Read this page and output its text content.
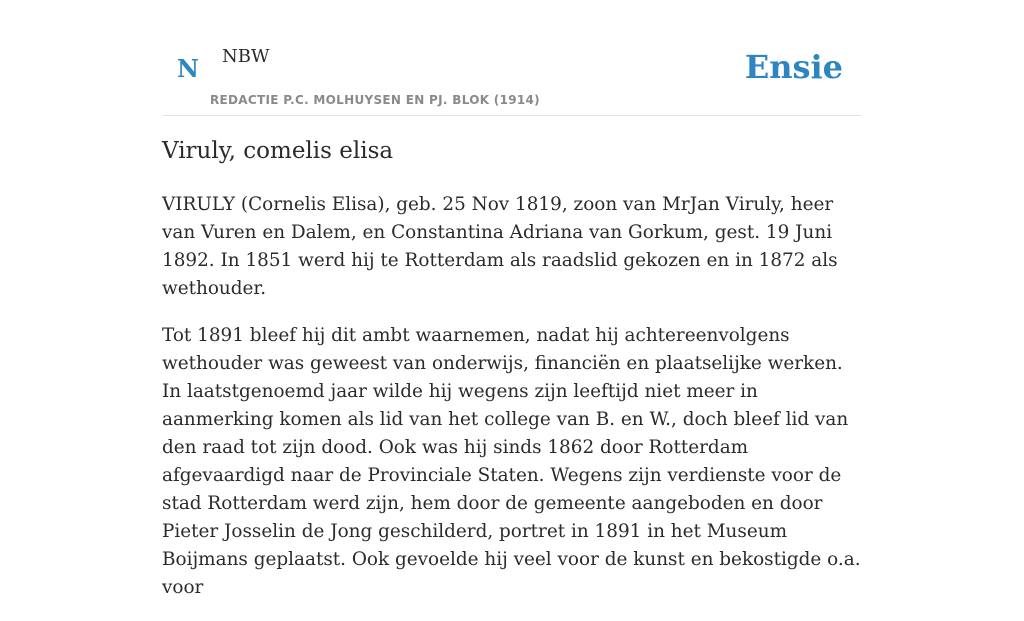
N NBW
REDACTIE P.C. MOLHUYSEN EN PJ. BLOK (1914)
Ensie
Viruly, comelis elisa

VIRULY (Cornelis Elisa), geb. 25 Nov 1819, zoon van MrJan Viruly, heer van Vuren en Dalem, en Constantina Adriana van Gorkum, gest. 19 Juni 1892. In 1851 werd hij te Rotterdam als raadslid gekozen en in 1872 als wethouder.

Tot 1891 bleef hij dit ambt waarnemen, nadat hij achtereenvolgens wethouder was geweest van onderwijs, financiën en plaatselijke werken. In laatstgenoemd jaar wilde hij wegens zijn leeftijd niet meer in aanmerking komen als lid van het college van B. en W., doch bleef lid van den raad tot zijn dood. Ook was hij sinds 1862 door Rotterdam afgevaardigd naar de Provinciale Staten. Wegens zijn verdienste voor de stad Rotterdam werd zijn, hem door de gemeente aangeboden en door Pieter Josselin de Jong geschilderd, portret in 1891 in het Museum Boijmans geplaatst. Ook gevoelde hij veel voor de kunst en bekostigde o.a. voor
